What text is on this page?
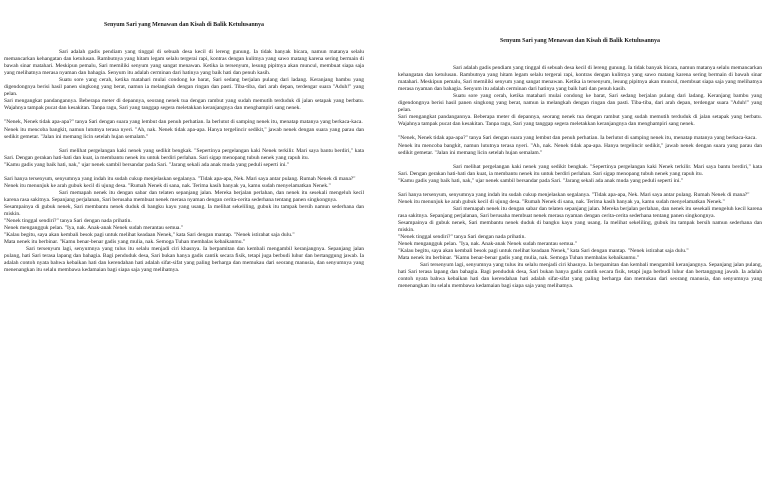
Senyum Sari yang Menawan dan Kisah di Balik Ketulusannya

Sari adalah gadis pendiam yang tinggal di sebuah desa kecil di lereng gunung. Ia tidak banyak bicara, namun matanya selalu memancarkan kehangatan dan ketulusan. Rambutnya yang hitam legam selalu tergerai rapi, kontras dengan kulitnya yang sawo matang karena sering bermain di bawah sinar matahari. Meskipun pemalu, Sari memiliki senyum yang sangat menawan. Ketika ia tersenyum, lesung pipitnya akan muncul, membuat siapa saja yang melihatnya merasa nyaman dan bahagia. Senyum itu adalah cerminan dari hatinya yang baik hati dan penuh kasih.

Suatu sore yang cerah, ketika matahari mulai condong ke barat, Sari sedang berjalan pulang dari ladang. Keranjang bambu yang digendongnya berisi hasil panen singkong yang berat, namun ia melangkah dengan ringan dan pasti. Tiba-tiba, dari arah depan, terdengar suara "Aduh!" yang pelan.

Sari mengangkat pandangannya. Beberapa meter di depannya, seorang nenek tua dengan rambut yang sudah memutih terduduk di jalan setapak yang berbatu. Wajahnya tampak pucat dan kesakitan. Tanpa ragu, Sari yang tanggap segera meletakkan keranjangnya dan menghampiri sang nenek.

"Nenek, Nenek tidak apa-apa?" tanya Sari dengan suara yang lembut dan penuh perhatian. Ia berlutut di samping nenek itu, menatap matanya yang berkaca-kaca.

Nenek itu mencoba bangkit, namun lututnya terasa nyeri. "Ah, nak. Nenek tidak apa-apa. Hanya tergelincir sedikit," jawab nenek dengan suara yang parau dan sedikit gemetar. "Jalan ini memang licin setelah hujan semalam."

Sari melihat pergelangan kaki nenek yang sedikit bengkak. "Sepertinya pergelangan kaki Nenek terkilir. Mari saya bantu berdiri," kata Sari. Dengan gerakan hati-hati dan kuat, ia membantu nenek itu untuk berdiri perlahan. Sari sigap menopang tubuh nenek yang rapuh itu.

"Kamu gadis yang baik hati, nak," ujar nenek sambil bersandar pada Sari. "Jarang sekali ada anak muda yang peduli seperti ini."

Sari hanya tersenyum, senyumnya yang indah itu sudah cukup menjelaskan segalanya. "Tidak apa-apa, Nek. Mari saya antar pulang. Rumah Nenek di mana?"

Nenek itu menunjuk ke arah gubuk kecil di ujung desa. "Rumah Nenek di sana, nak. Terima kasih banyak ya, kamu sudah menyelamatkan Nenek."

Sari memapah nenek itu dengan sabar dan telaten sepanjang jalan. Mereka berjalan perlahan, dan nenek itu sesekali mengeluh kecil karena rasa sakitnya. Sepanjang perjalanan, Sari berusaha membuat nenek merasa nyaman dengan cerita-cerita sederhana tentang panen singkongnya.

Sesampainya di gubuk nenek, Sari membantu nenek duduk di bangku kayu yang usang. Ia melihat sekeliling, gubuk itu tampak bersih namun sederhana dan miskin.

"Nenek tinggal sendiri?" tanya Sari dengan nada prihatin.

Nenek mengangguk pelan. "Iya, nak. Anak-anak Nenek sudah merantau semua."

"Kalau begitu, saya akan kembali besok pagi untuk melihat keadaan Nenek," kata Sari dengan mantap. "Nenek istirahat saja dulu."

Mata nenek itu berbinar. "Kamu benar-benar gadis yang mulia, nak. Semoga Tuhan membalas kebaikanmu."

Sari tersenyum lagi, senyumnya yang tulus itu selalu menjadi ciri khasnya. Ia berpamitan dan kembali mengambil keranjangnya. Sepanjang jalan pulang, hati Sari terasa lapang dan bahagia. Bagi penduduk desa, Sari bukan hanya gadis cantik secara fisik, tetapi juga berbudi luhur dan bertanggung jawab. Ia adalah contoh nyata bahwa kebaikan hati dan kerendahan hati adalah sifat-sifat yang paling berharga dan memukau dari seorang manusia, dan senyumnya yang menenangkan itu selalu membawa kedamaian bagi siapa saja yang melihatnya.

Senyum Sari yang Menawan dan Kisah di Balik Ketulusannya

Sari adalah gadis pendiam yang tinggal di sebuah desa kecil di lereng gunung. Ia tidak banyak bicara, namun matanya selalu memancarkan kehangatan dan ketulusan. Rambutnya yang hitam legam selalu tergerai rapi, kontras dengan kulitnya yang sawo matang karena sering bermain di bawah sinar matahari. Meskipun pemalu, Sari memiliki senyum yang sangat menawan. Ketika ia tersenyum, lesung pipitnya akan muncul, membuat siapa saja yang melihatnya merasa nyaman dan bahagia. Senyum itu adalah cerminan dari hatinya yang baik hati dan penuh kasih.

Suatu sore yang cerah, ketika matahari mulai condong ke barat, Sari sedang berjalan pulang dari ladang. Keranjang bambu yang digendongnya berisi hasil panen singkong yang berat, namun ia melangkah dengan ringan dan pasti. Tiba-tiba, dari arah depan, terdengar suara "Aduh!" yang pelan.

Sari mengangkat pandangannya. Beberapa meter di depannya, seorang nenek tua dengan rambut yang sudah memutih terduduk di jalan setapak yang berbatu. Wajahnya tampak pucat dan kesakitan. Tanpa ragu, Sari yang tanggap segera meletakkan keranjangnya dan menghampiri sang nenek.

"Nenek, Nenek tidak apa-apa?" tanya Sari dengan suara yang lembut dan penuh perhatian. Ia berlutut di samping nenek itu, menatap matanya yang berkaca-kaca.

Nenek itu mencoba bangkit, namun lututnya terasa nyeri. "Ah, nak. Nenek tidak apa-apa. Hanya tergelincir sedikit," jawab nenek dengan suara yang parau dan sedikit gemetar. "Jalan ini memang licin setelah hujan semalam."

Sari melihat pergelangan kaki nenek yang sedikit bengkak. "Sepertinya pergelangan kaki Nenek terkilir. Mari saya bantu berdiri," kata Sari. Dengan gerakan hati-hati dan kuat, ia membantu nenek itu untuk berdiri perlahan. Sari sigap menopang tubuh nenek yang rapuh itu.

"Kamu gadis yang baik hati, nak," ujar nenek sambil bersandar pada Sari. "Jarang sekali ada anak muda yang peduli seperti ini."

Sari hanya tersenyum, senyumnya yang indah itu sudah cukup menjelaskan segalanya. "Tidak apa-apa, Nek. Mari saya antar pulang. Rumah Nenek di mana?"

Nenek itu menunjuk ke arah gubuk kecil di ujung desa. "Rumah Nenek di sana, nak. Terima kasih banyak ya, kamu sudah menyelamatkan Nenek."

Sari memapah nenek itu dengan sabar dan telaten sepanjang jalan. Mereka berjalan perlahan, dan nenek itu sesekali mengeluh kecil karena rasa sakitnya. Sepanjang perjalanan, Sari berusaha membuat nenek merasa nyaman dengan cerita-cerita sederhana tentang panen singkongnya.

Sesampainya di gubuk nenek, Sari membantu nenek duduk di bangku kayu yang usang. Ia melihat sekeliling, gubuk itu tampak bersih namun sederhana dan miskin.

"Nenek tinggal sendiri?" tanya Sari dengan nada prihatin.

Nenek mengangguk pelan. "Iya, nak. Anak-anak Nenek sudah merantau semua."

"Kalau begitu, saya akan kembali besok pagi untuk melihat keadaan Nenek," kata Sari dengan mantap. "Nenek istirahat saja dulu."

Mata nenek itu berbinar. "Kamu benar-benar gadis yang mulia, nak. Semoga Tuhan membalas kebaikanmu."

Sari tersenyum lagi, senyumnya yang tulus itu selalu menjadi ciri khasnya. Ia berpamitan dan kembali mengambil keranjangnya. Sepanjang jalan pulang, hati Sari terasa lapang dan bahagia. Bagi penduduk desa, Sari bukan hanya gadis cantik secara fisik, tetapi juga berbudi luhur dan bertanggung jawab. Ia adalah contoh nyata bahwa kebaikan hati dan kerendahan hati adalah sifat-sifat yang paling berharga dan memukau dari seorang manusia, dan senyumnya yang menenangkan itu selalu membawa kedamaian bagi siapa saja yang melihatnya.
